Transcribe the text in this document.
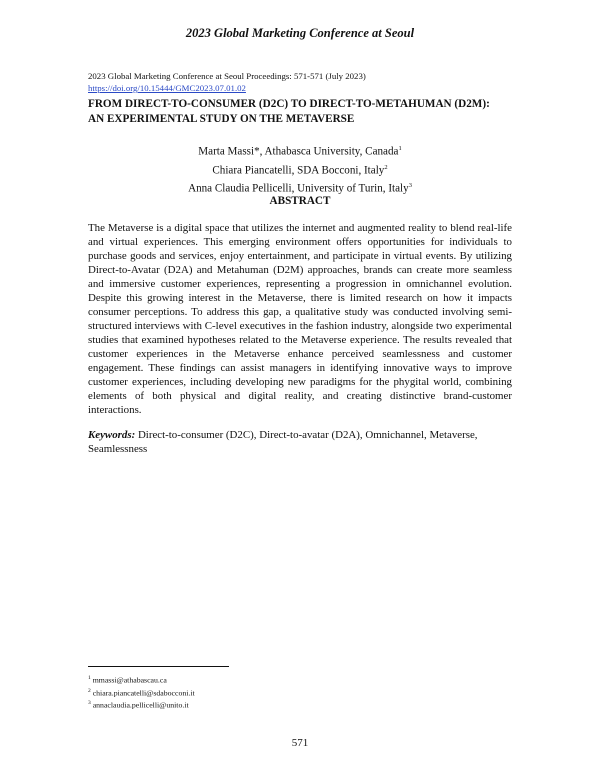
2023 Global Marketing Conference at Seoul
2023 Global Marketing Conference at Seoul Proceedings: 571-571 (July 2023)
https://doi.org/10.15444/GMC2023.07.01.02
FROM DIRECT-TO-CONSUMER (D2C) TO DIRECT-TO-METAHUMAN (D2M):
AN EXPERIMENTAL STUDY ON THE METAVERSE
Marta Massi*, Athabasca University, Canada$^1$
Chiara Piancatelli, SDA Bocconi, Italy$^2$
Anna Claudia Pellicelli, University of Turin, Italy$^3$
ABSTRACT

The Metaverse is a digital space that utilizes the internet and augmented reality to blend real-life and virtual experiences. This emerging environment offers opportunities for individuals to purchase goods and services, enjoy entertainment, and participate in virtual events. By utilizing Direct-to-Avatar (D2A) and Metahuman (D2M) approaches, brands can create more seamless and immersive customer experiences, representing a progression in omnichannel evolution. Despite this growing interest in the Metaverse, there is limited research on how it impacts consumer perceptions. To address this gap, a qualitative study was conducted involving semi-structured interviews with C-level executives in the fashion industry, alongside two experimental studies that examined hypotheses related to the Metaverse experience. The results revealed that customer experiences in the Metaverse enhance perceived seamlessness and customer engagement. These findings can assist managers in identifying innovative ways to improve customer experiences, including developing new paradigms for the phygital world, combining elements of both physical and digital reality, and creating distinctive brand-customer interactions.

Keywords: Direct-to-consumer (D2C), Direct-to-avatar (D2A), Omnichannel, Metaverse, Seamlessness

$^1$ mmassi@athabascau.ca
$^2$ chiara.piancatelli@sdabocconi.it
$^3$ annaclaudia.pellicelli@unito.it
571
